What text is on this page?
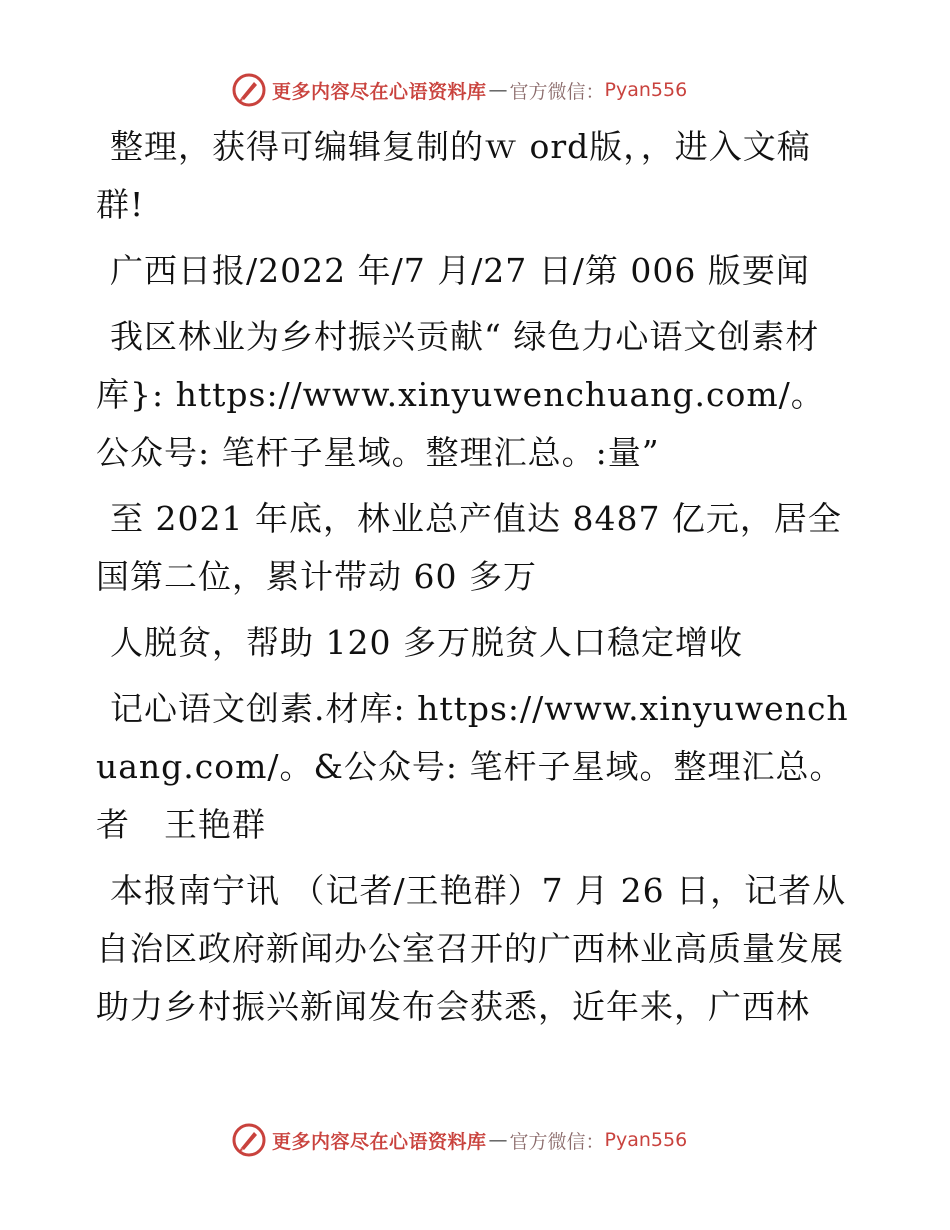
更多内容尽在心语资料库 — 官方微信： Pyan556

整理，获得可编辑复制的ｗ ord版，，进入文稿群!

广西日报/2022 年/7 月/27 日/第 006 版要闻

我区林业为乡村振兴贡献“ 绿色力心语文创素材库}: https://www.xinyuwenchuang.com/。公众号: 笔杆子星域。整理汇总。:量”

至 2021 年底，林业总产值达 8487 亿元，居全国第二位，累计带动 60 多万

人脱贫，帮助 120 多万脱贫人口稳定增收

记心语文创素.材库: https://www.xinyuwenchuang.com/。&公众号: 笔杆子星域。整理汇总。者　王艳群

本报南宁讯 （记者/王艳群）7 月 26 日，记者从自治区政府新闻办公室召开的广西林业高质量发展助力乡村振兴新闻发布会获悉，近年来，广西林

更多内容尽在心语资料库 — 官方微信： Pyan556
